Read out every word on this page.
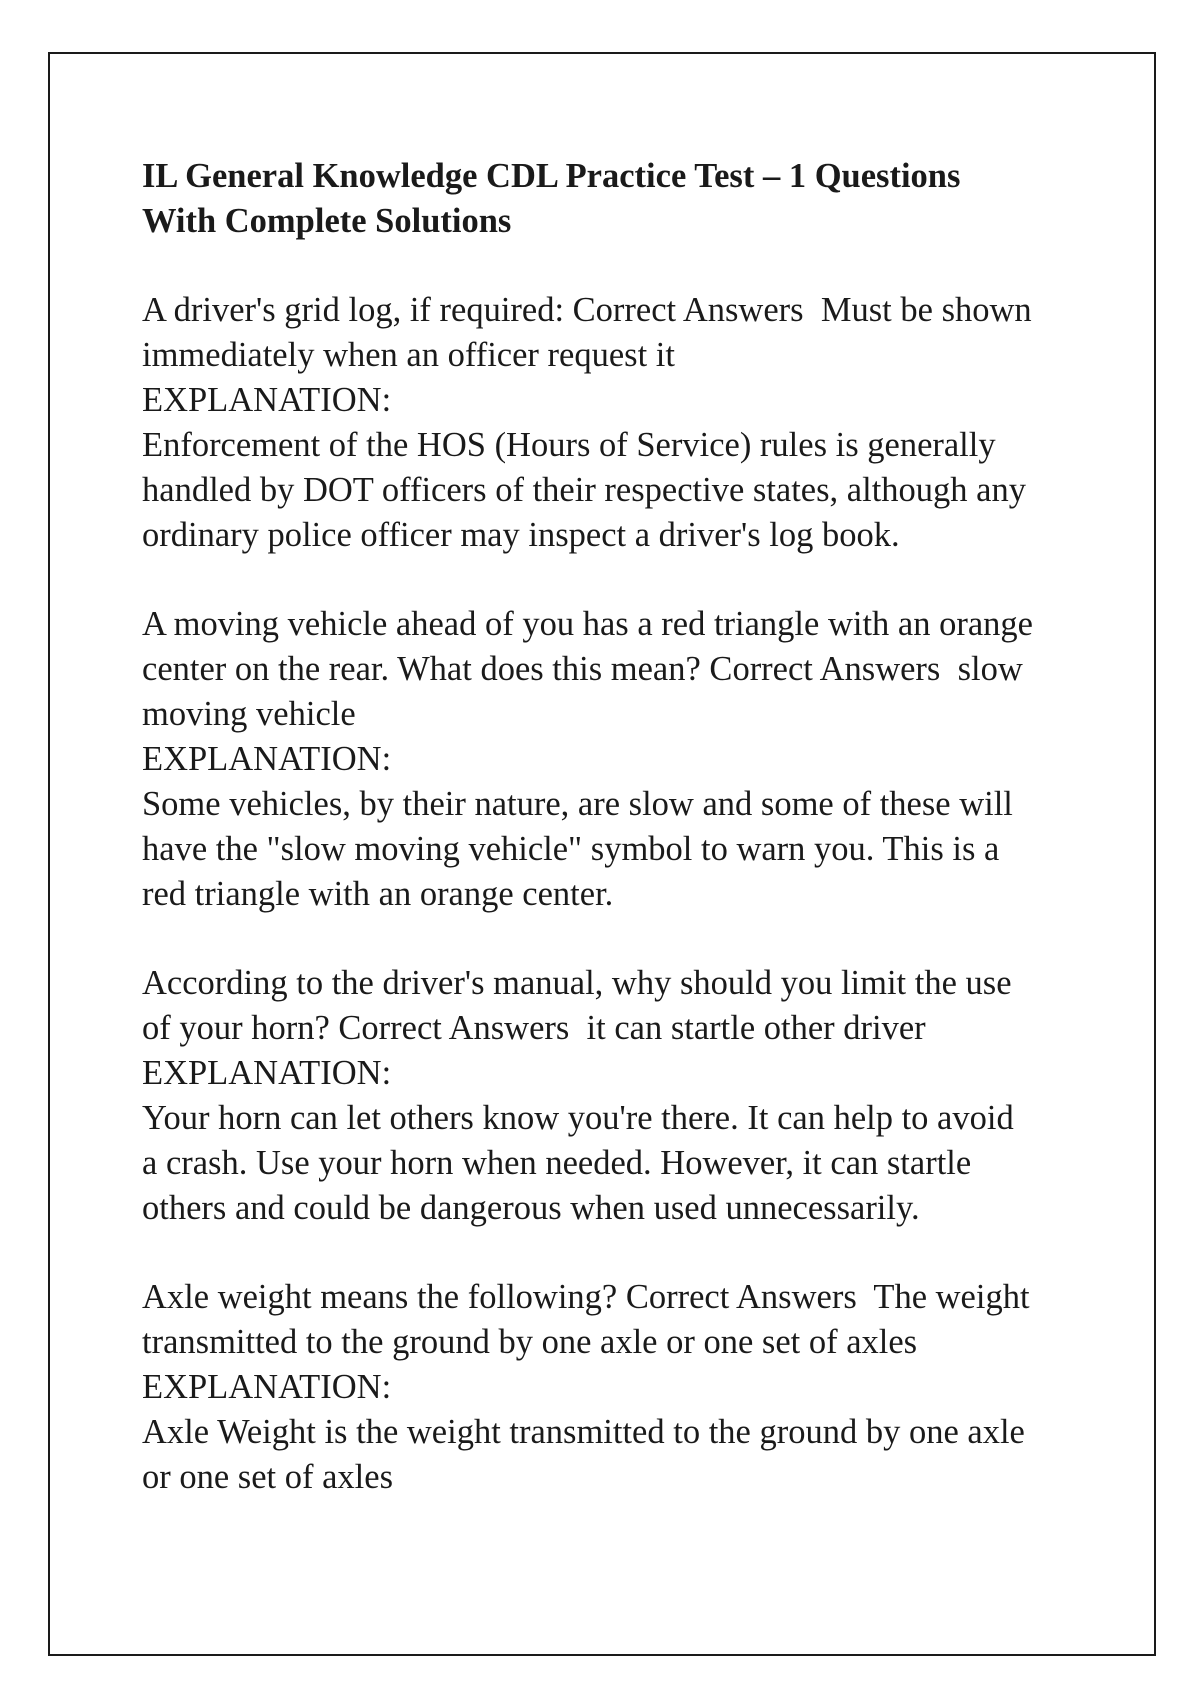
IL General Knowledge CDL Practice Test – 1 Questions
With Complete Solutions
A driver's grid log, if required: Correct Answers  Must be shown
immediately when an officer request it
EXPLANATION:
Enforcement of the HOS (Hours of Service) rules is generally
handled by DOT officers of their respective states, although any
ordinary police officer may inspect a driver's log book.
A moving vehicle ahead of you has a red triangle with an orange
center on the rear. What does this mean? Correct Answers  slow
moving vehicle
EXPLANATION:
Some vehicles, by their nature, are slow and some of these will
have the "slow moving vehicle" symbol to warn you. This is a
red triangle with an orange center.
According to the driver's manual, why should you limit the use
of your horn? Correct Answers  it can startle other driver
EXPLANATION:
Your horn can let others know you're there. It can help to avoid
a crash. Use your horn when needed. However, it can startle
others and could be dangerous when used unnecessarily.
Axle weight means the following? Correct Answers  The weight
transmitted to the ground by one axle or one set of axles
EXPLANATION:
Axle Weight is the weight transmitted to the ground by one axle
or one set of axles
